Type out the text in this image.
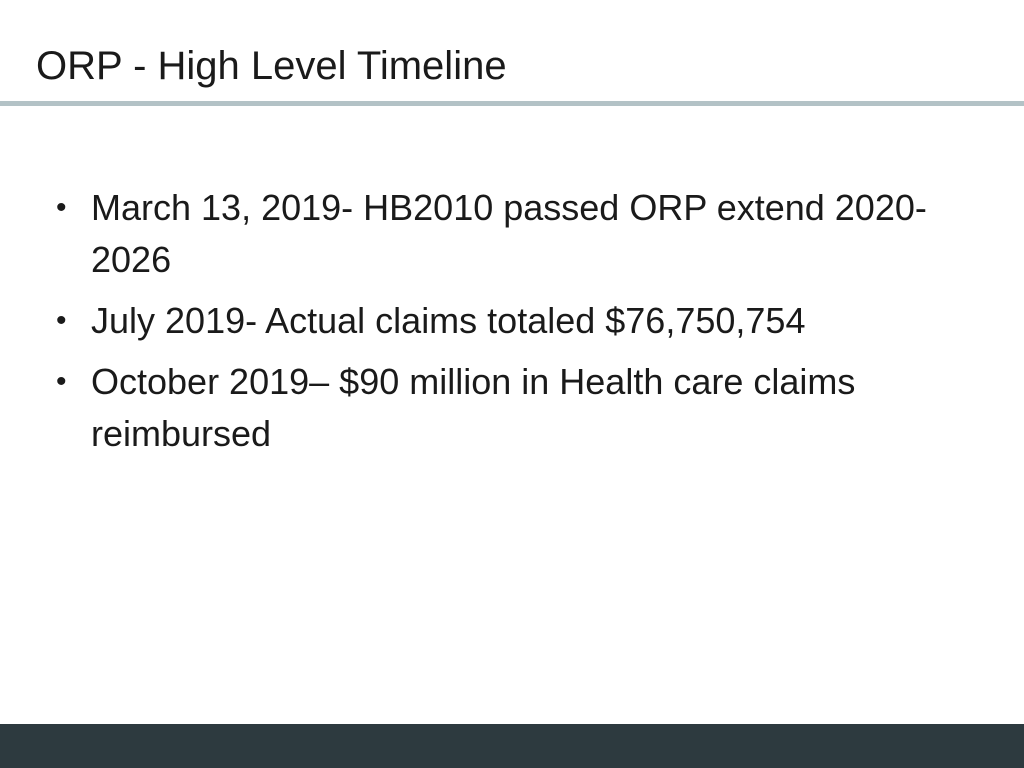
ORP - High Level Timeline
• March 13, 2019- HB2010 passed ORP extend 2020-2026
• July 2019- Actual claims totaled $76,750,754
• October 2019– $90 million in Health care claims reimbursed
